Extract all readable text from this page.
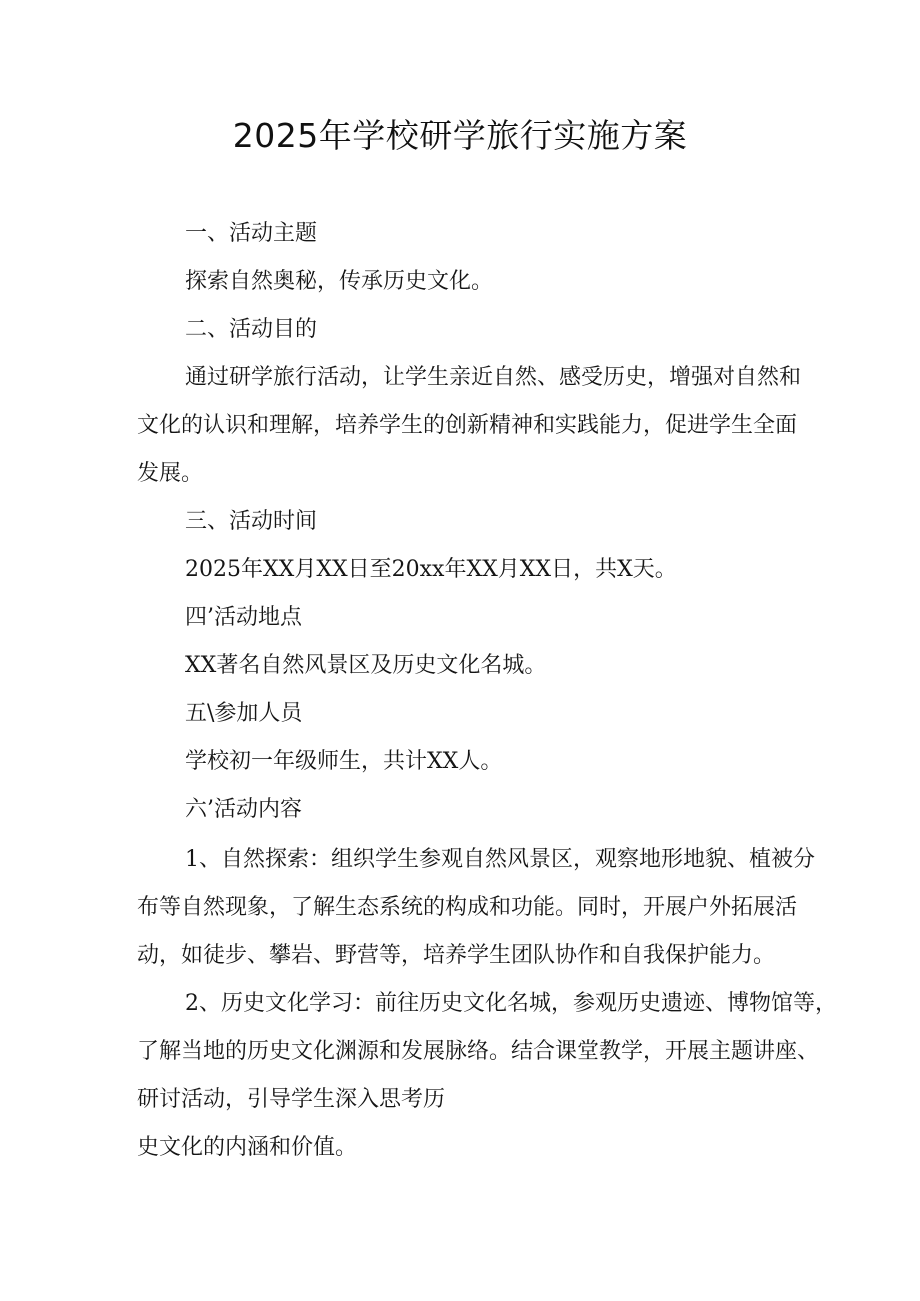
2025年学校研学旅行实施方案
一、活动主题
探索自然奥秘，传承历史文化。
二、活动目的
通过研学旅行活动，让学生亲近自然、感受历史，增强对自然和
文化的认识和理解，培养学生的创新精神和实践能力，促进学生全面
发展。
三、活动时间
2025年XX月XX日至20xx年XX月XX日，共X天。
四’活动地点
XX著名自然风景区及历史文化名城。
五\参加人员
学校初一年级师生，共计XX人。
六’活动内容
1、自然探索：组织学生参观自然风景区，观察地形地貌、植被分
布等自然现象，了解生态系统的构成和功能。同时，开展户外拓展活
动，如徒步、攀岩、野营等，培养学生团队协作和自我保护能力。
2、历史文化学习：前往历史文化名城，参观历史遗迹、博物馆等，
了解当地的历史文化渊源和发展脉络。结合课堂教学，开展主题讲座、
研讨活动，引导学生深入思考历
史文化的内涵和价值。
